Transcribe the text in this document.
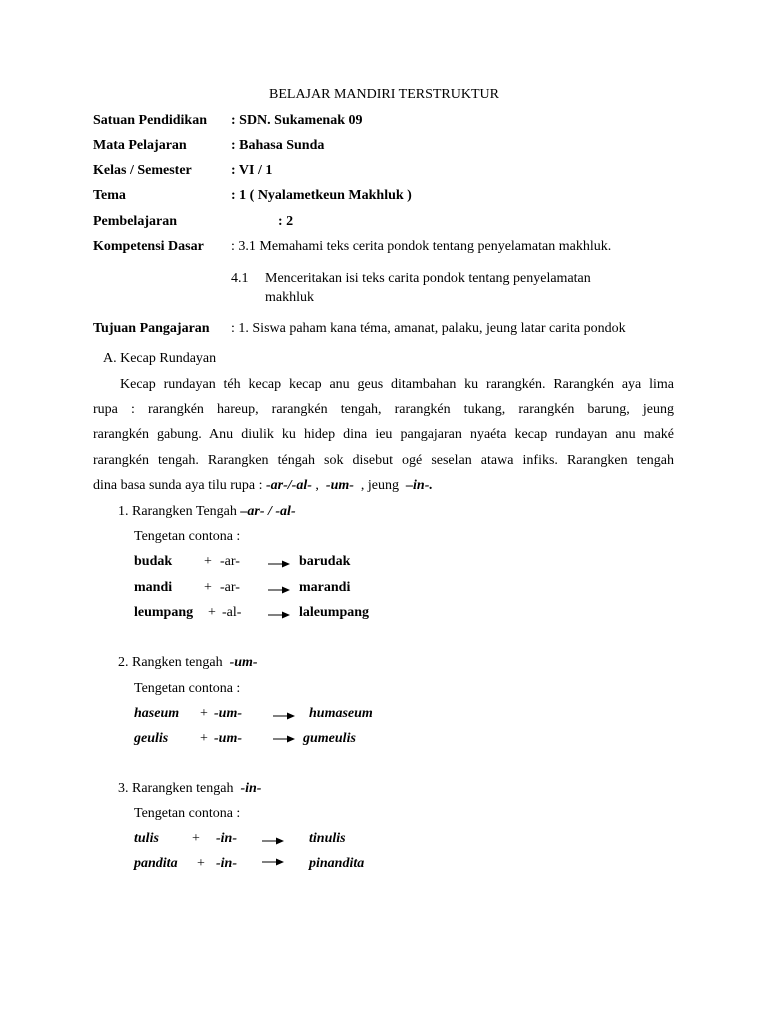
BELAJAR MANDIRI TERSTRUKTUR
Satuan Pendidikan : SDN. Sukamenak 09
Mata Pelajaran	: Bahasa Sunda
Kelas / Semester	: VI / 1
Tema	: 1 ( Nyalametkeun Makhluk )
Pembelajaran	: 2
Kompetensi Dasar : 3.1 Memahami teks cerita pondok tentang penyelamatan makhluk.
4.1 Menceritakan isi teks carita pondok tentang penyelamatan
makhluk
Tujuan Pangajaran : 1. Siswa paham kana téma, amanat, palaku, jeung latar carita pondok
A. Kecap Rundayan
Kecap rundayan téh kecap kecap anu geus ditambahan ku rarangkén. Rarangkén aya lima
rupa : rarangkén hareup, rarangkén tengah, rarangkén tukang, rarangkén barung, jeung
rarangkén gabung. Anu diulik ku hidep dina ieu pangajaran nyaéta kecap rundayan anu maké
rarangkén tengah. Rarangken téngah sok disebut ogé seselan atawa infiks. Rarangken tengah
dina basa sunda aya tilu rupa : -ar-/-al- ,  -um-  , jeung  –in-.
1. Rarangken Tengah –ar- / -al-
Tengetan contona :
budak + -ar-	barudak
mandi + -ar-	marandi
leumpang + -al-	laleumpang
2. Rangken tengah  -um-
Tengetan contona :
haseum + -um-	humaseum
geulis + -um-	gumeulis
3. Rarangken tengah  -in-
Tengetan contona :
tulis + -in-	tinulis
pandita + -in-	pinandita
